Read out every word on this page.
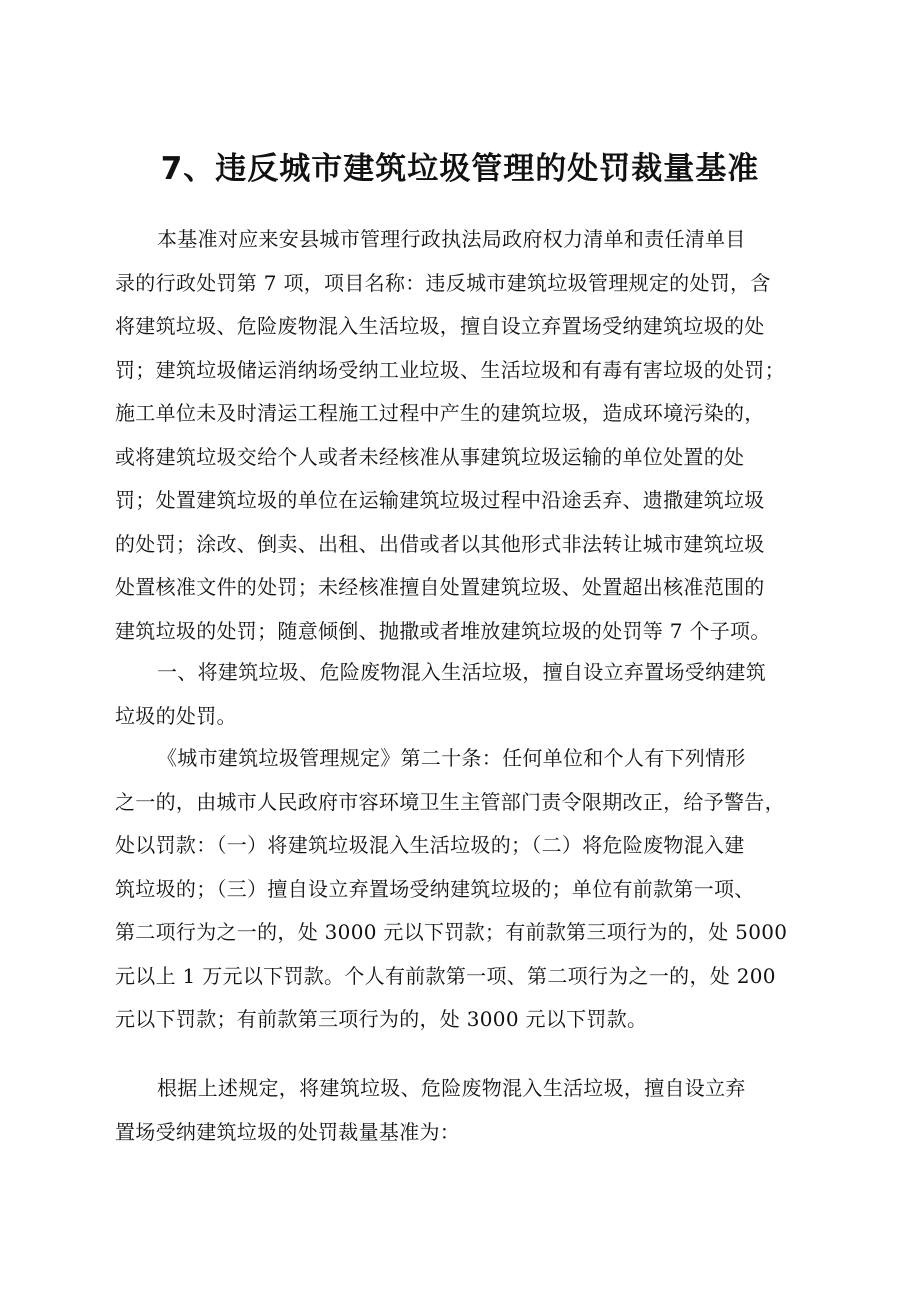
7、违反城市建筑垃圾管理的处罚裁量基准
本基准对应来安县城市管理行政执法局政府权力清单和责任清单目
录的行政处罚第 7 项，项目名称：违反城市建筑垃圾管理规定的处罚，含
将建筑垃圾、危险废物混入生活垃圾，擅自设立弃置场受纳建筑垃圾的处
罚；建筑垃圾储运消纳场受纳工业垃圾、生活垃圾和有毒有害垃圾的处罚；
施工单位未及时清运工程施工过程中产生的建筑垃圾，造成环境污染的，
或将建筑垃圾交给个人或者未经核准从事建筑垃圾运输的单位处置的处
罚；处置建筑垃圾的单位在运输建筑垃圾过程中沿途丢弃、遗撒建筑垃圾
的处罚；涂改、倒卖、出租、出借或者以其他形式非法转让城市建筑垃圾
处置核准文件的处罚；未经核准擅自处置建筑垃圾、处置超出核准范围的
建筑垃圾的处罚；随意倾倒、抛撒或者堆放建筑垃圾的处罚等 7 个子项。
一、将建筑垃圾、危险废物混入生活垃圾，擅自设立弃置场受纳建筑
垃圾的处罚。
《城市建筑垃圾管理规定》第二十条：任何单位和个人有下列情形
之一的，由城市人民政府市容环境卫生主管部门责令限期改正，给予警告，
处以罚款：（一）将建筑垃圾混入生活垃圾的；（二）将危险废物混入建
筑垃圾的；（三）擅自设立弃置场受纳建筑垃圾的；单位有前款第一项、
第二项行为之一的，处 3000 元以下罚款；有前款第三项行为的，处 5000
元以上 1 万元以下罚款。个人有前款第一项、第二项行为之一的，处 200
元以下罚款；有前款第三项行为的，处 3000 元以下罚款。
根据上述规定，将建筑垃圾、危险废物混入生活垃圾，擅自设立弃
置场受纳建筑垃圾的处罚裁量基准为：
